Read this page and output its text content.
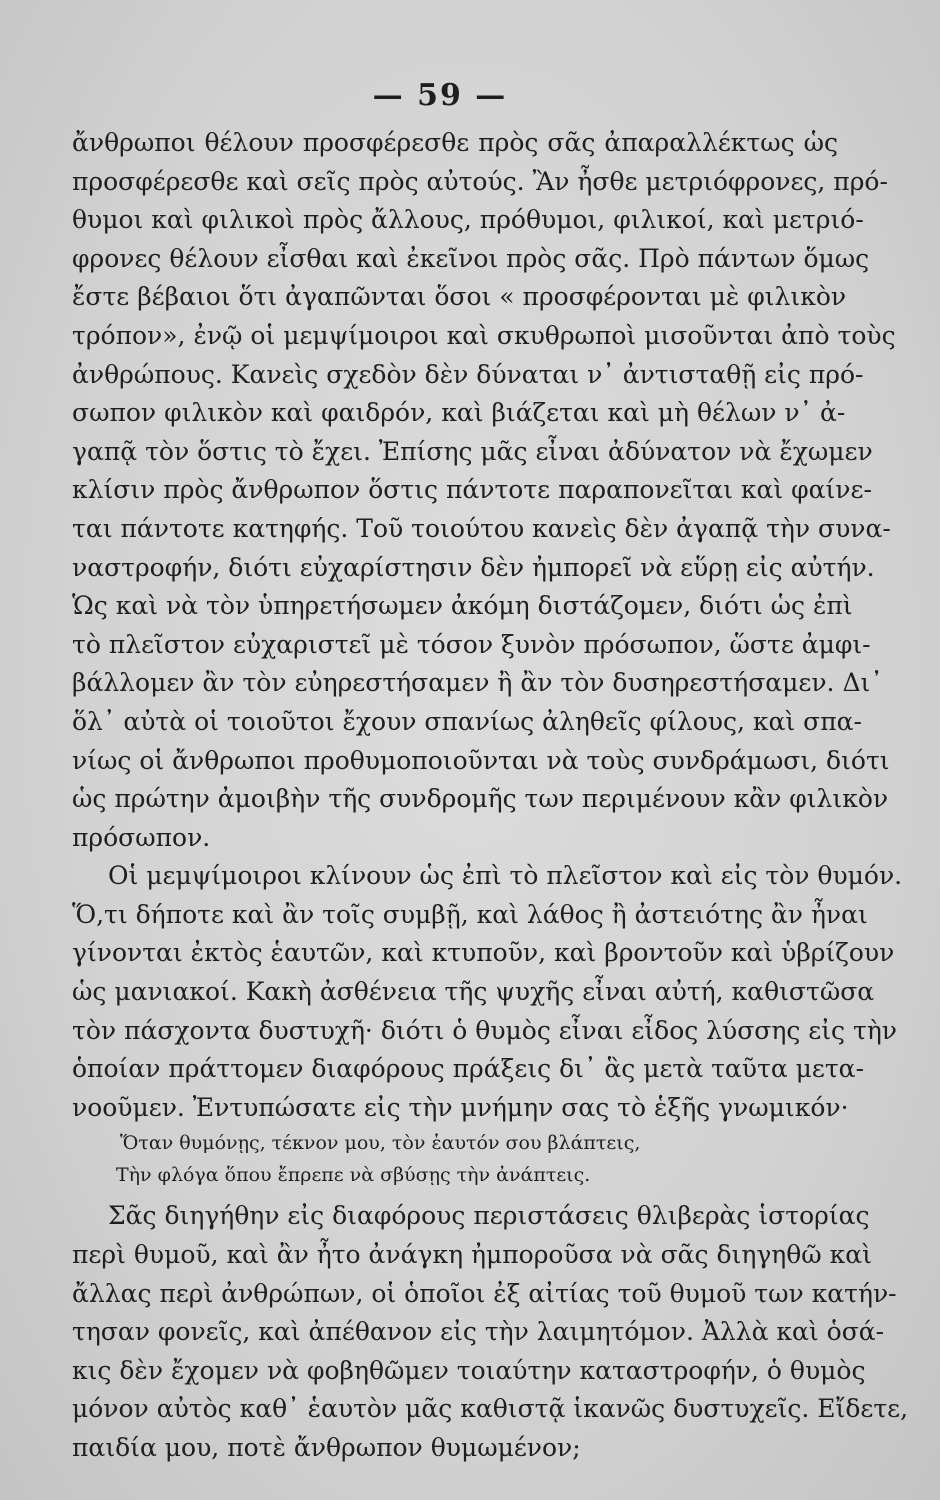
— 59 —
ἄνθρωποι θέλουν προσφέρεσθε πρὸς σᾶς ἀπαραλλέκτως ὡς
προσφέρεσθε καὶ σεῖς πρὸς αὐτούς. Ἂν ἦσθε μετριόφρονες, πρό-
θυμοι καὶ φιλικοὶ πρὸς ἄλλους, πρόθυμοι, φιλικοί, καὶ μετριό-
φρονες θέλουν εἶσθαι καὶ ἐκεῖνοι πρὸς σᾶς. Πρὸ πάντων ὅμως
ἔστε βέβαιοι ὅτι ἀγαπῶνται ὅσοι « προσφέρονται μὲ φιλικὸν
τρόπον», ἐνῷ οἱ μεμψίμοιροι καὶ σκυθρωποὶ μισοῦνται ἀπὸ τοὺς
ἀνθρώπους. Κανεὶς σχεδὸν δὲν δύναται ν᾽ ἀντισταθῇ εἰς πρό-
σωπον φιλικὸν καὶ φαιδρόν, καὶ βιάζεται καὶ μὴ θέλων ν᾽ ἀ-
γαπᾷ τὸν ὅστις τὸ ἔχει. Ἐπίσης μᾶς εἶναι ἀδύνατον νὰ ἔχωμεν
κλίσιν πρὸς ἄνθρωπον ὅστις πάντοτε παραπονεῖται καὶ φαίνε-
ται πάντοτε κατηφής. Τοῦ τοιούτου κανεὶς δὲν ἀγαπᾷ τὴν συνα-
ναστροφήν, διότι εὐχαρίστησιν δὲν ἠμπορεῖ νὰ εὕρῃ εἰς αὐτήν.
Ὡς καὶ νὰ τὸν ὑπηρετήσωμεν ἀκόμη διστάζομεν, διότι ὡς ἐπὶ
τὸ πλεῖστον εὐχαριστεῖ μὲ τόσον ξυνὸν πρόσωπον, ὥστε ἀμφι-
βάλλομεν ἂν τὸν εὐηρεστήσαμεν ἢ ἂν τὸν δυσηρεστήσαμεν. Δι᾽
ὅλ᾽ αὐτὰ οἱ τοιοῦτοι ἔχουν σπανίως ἀληθεῖς φίλους, καὶ σπα-
νίως οἱ ἄνθρωποι προθυμοποιοῦνται νὰ τοὺς συνδράμωσι, διότι
ὡς πρώτην ἀμοιβὴν τῆς συνδρομῆς των περιμένουν κἂν φιλικὸν
πρόσωπον.
Οἱ μεμψίμοιροι κλίνουν ὡς ἐπὶ τὸ πλεῖστον καὶ εἰς τὸν θυμόν.
Ὅ,τι δήποτε καὶ ἂν τοῖς συμβῇ, καὶ λάθος ἢ ἀστειότης ἂν ἦναι
γίνονται ἐκτὸς ἑαυτῶν, καὶ κτυποῦν, καὶ βροντοῦν καὶ ὑβρίζουν
ὡς μανιακοί. Κακὴ ἀσθένεια τῆς ψυχῆς εἶναι αὐτή, καθιστῶσα
τὸν πάσχοντα δυστυχῆ· διότι ὁ θυμὸς εἶναι εἶδος λύσσης εἰς τὴν
ὁποίαν πράττομεν διαφόρους πράξεις δι᾽ ἃς μετὰ ταῦτα μετα-
νοοῦμεν. Ἐντυπώσατε εἰς τὴν μνήμην σας τὸ ἑξῆς γνωμικόν·
Ὅταν θυμόνῃς, τέκνον μου, τὸν ἑαυτόν σου βλάπτεις,
Τὴν φλόγα ὅπου ἔπρεπε νὰ σβύσῃς τὴν ἀνάπτεις.
Σᾶς διηγήθην εἰς διαφόρους περιστάσεις θλιβερὰς ἱστορίας
περὶ θυμοῦ, καὶ ἂν ἦτο ἀνάγκη ἠμποροῦσα νὰ σᾶς διηγηθῶ καὶ
ἄλλας περὶ ἀνθρώπων, οἱ ὁποῖοι ἐξ αἰτίας τοῦ θυμοῦ των κατήν-
τησαν φονεῖς, καὶ ἀπέθανον εἰς τὴν λαιμητόμον. Ἀλλὰ καὶ ὁσά-
κις δὲν ἔχομεν νὰ φοβηθῶμεν τοιαύτην καταστροφήν, ὁ θυμὸς
μόνον αὐτὸς καθ᾽ ἑαυτὸν μᾶς καθιστᾷ ἱκανῶς δυστυχεῖς. Εἴδετε,
παιδία μου, ποτὲ ἄνθρωπον θυμωμένον;
